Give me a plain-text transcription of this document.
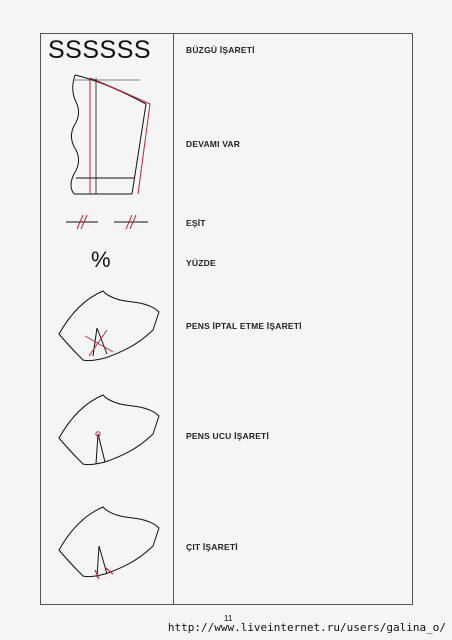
SSSSSS	BÜZGÜ İŞARETİ
DEVAMI VAR
EŞİT
%	YÜZDE
PENS İPTAL ETME İŞARETİ
PENS UCU İŞARETİ
ÇIT İŞARETİ
11
http://www.liveinternet.ru/users/galina_o/
